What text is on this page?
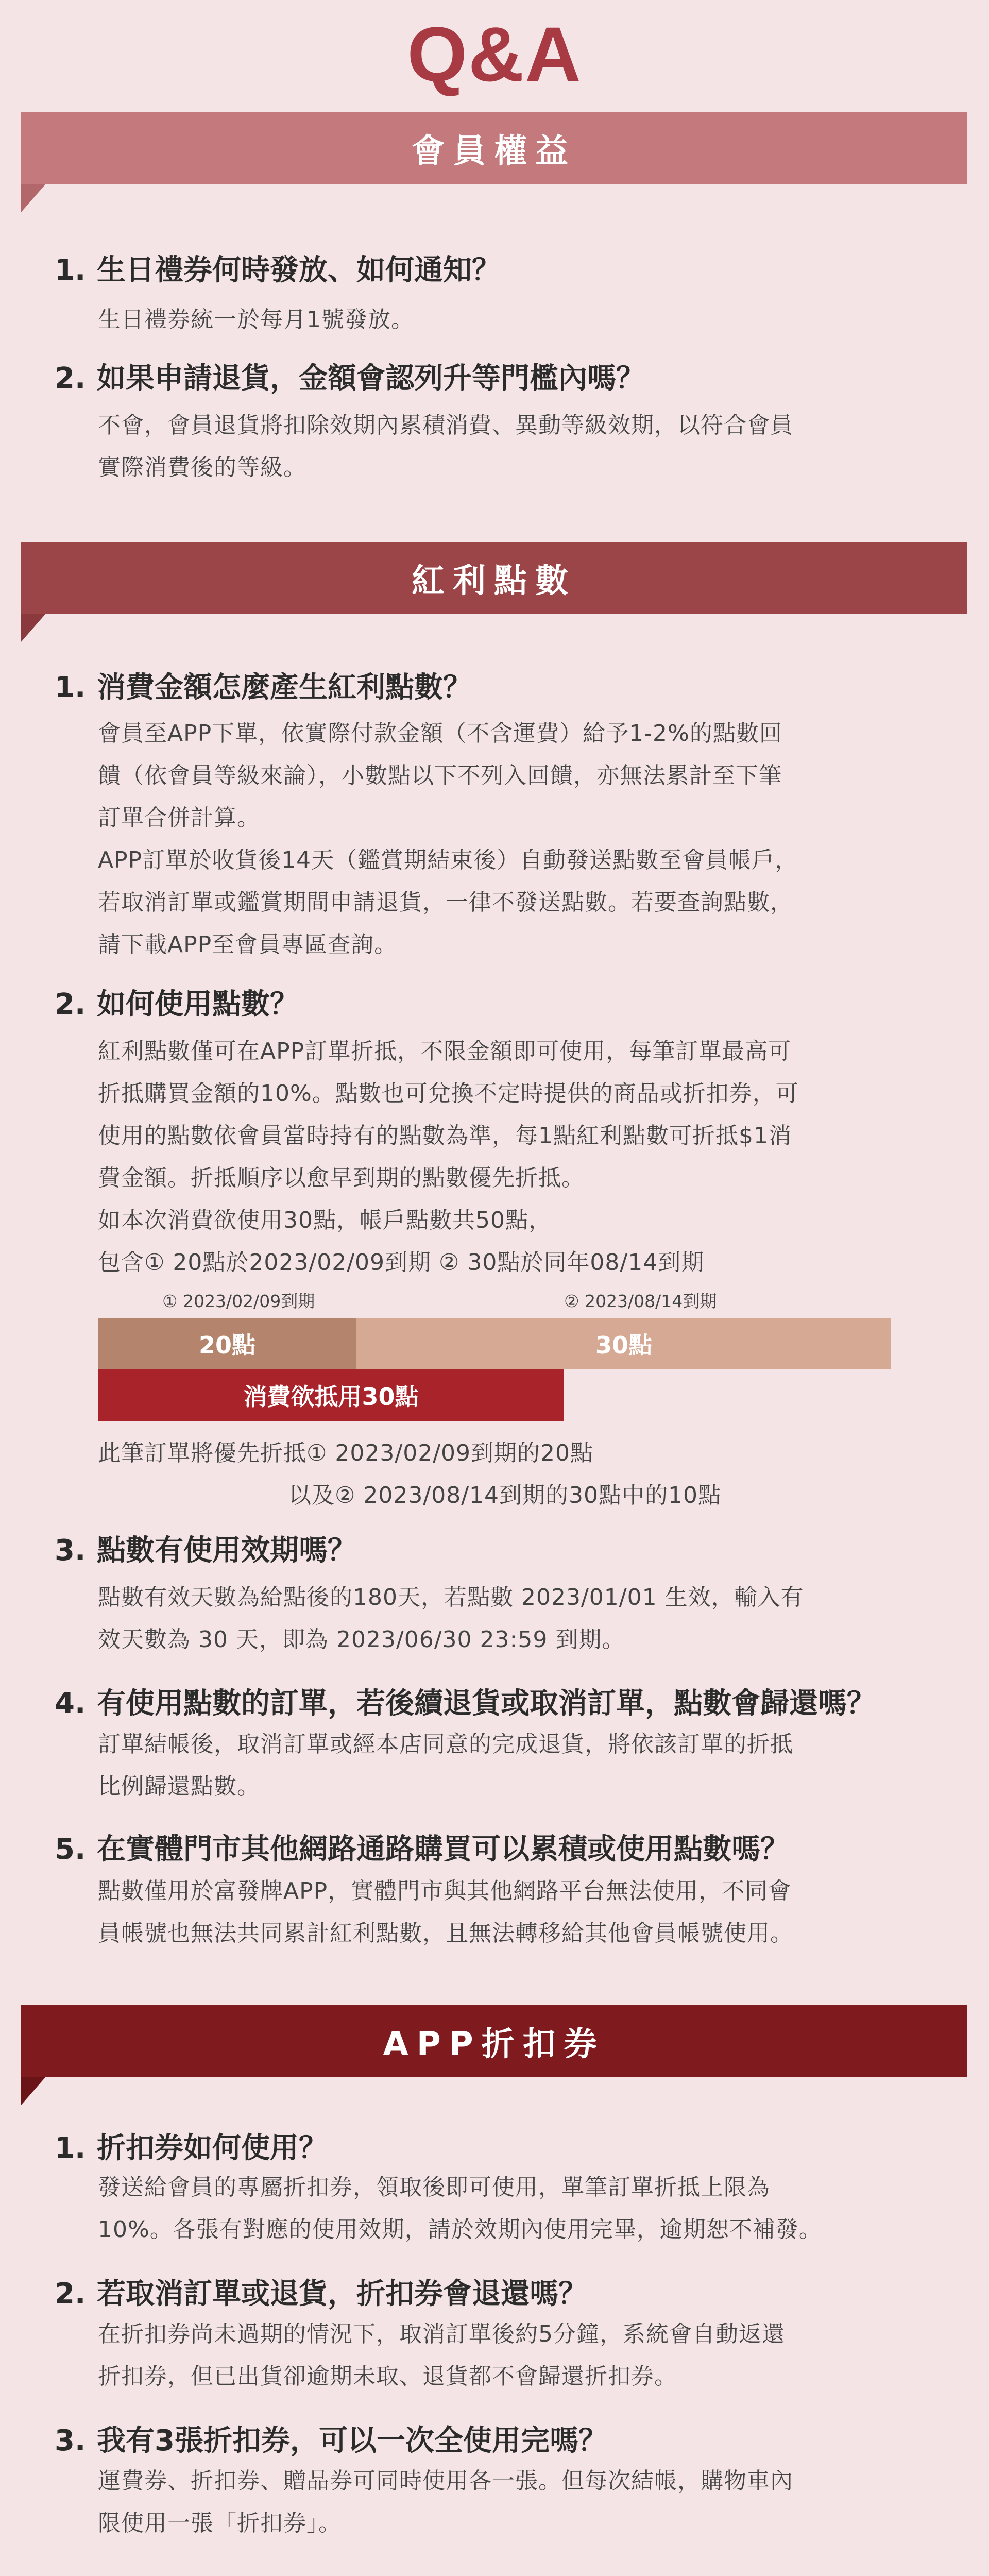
Q&A
會員權益
1. 生日禮券何時發放、如何通知？
生日禮券統一於每月1號發放。
2. 如果申請退貨，金額會認列升等門檻內嗎？
不會，會員退貨將扣除效期內累積消費、異動等級效期，以符合會員
實際消費後的等級。
紅利點數
1. 消費金額怎麼產生紅利點數？
會員至APP下單，依實際付款金額（不含運費）給予1-2%的點數回
饋（依會員等級來論），小數點以下不列入回饋，亦無法累計至下筆
訂單合併計算。
APP訂單於收貨後14天（鑑賞期結束後）自動發送點數至會員帳戶，
若取消訂單或鑑賞期間申請退貨，一律不發送點數。若要查詢點數，
請下載APP至會員專區查詢。
2. 如何使用點數？
紅利點數僅可在APP訂單折抵，不限金額即可使用，每筆訂單最高可
折抵購買金額的10%。點數也可兌換不定時提供的商品或折扣券，可
使用的點數依會員當時持有的點數為準，每1點紅利點數可折抵$1消
費金額。折抵順序以愈早到期的點數優先折抵。
如本次消費欲使用30點，帳戶點數共50點，
包含① 20點於2023/02/09到期 ② 30點於同年08/14到期
① 2023/02/09到期	② 2023/08/14到期
20點	30點
消費欲抵用30點
此筆訂單將優先折抵① 2023/02/09到期的20點
以及② 2023/08/14到期的30點中的10點
3. 點數有使用效期嗎？
點數有效天數為給點後的180天，若點數 2023/01/01 生效，輸入有
效天數為 30 天，即為 2023/06/30 23:59 到期。
4. 有使用點數的訂單，若後續退貨或取消訂單，點數會歸還嗎？
訂單結帳後，取消訂單或經本店同意的完成退貨，將依該訂單的折抵
比例歸還點數。
5. 在實體門市其他網路通路購買可以累積或使用點數嗎？
點數僅用於富發牌APP，實體門市與其他網路平台無法使用，不同會
員帳號也無法共同累計紅利點數，且無法轉移給其他會員帳號使用。
APP折扣券
1. 折扣券如何使用？
發送給會員的專屬折扣券，領取後即可使用，單筆訂單折抵上限為
10%。各張有對應的使用效期，請於效期內使用完畢，逾期恕不補發。
2. 若取消訂單或退貨，折扣券會退還嗎？
在折扣券尚未過期的情況下，取消訂單後約5分鐘，系統會自動返還
折扣券，但已出貨卻逾期未取、退貨都不會歸還折扣券。
3. 我有3張折扣券，可以一次全使用完嗎？
運費券、折扣券、贈品券可同時使用各一張。但每次結帳，購物車內
限使用一張「折扣券」。
